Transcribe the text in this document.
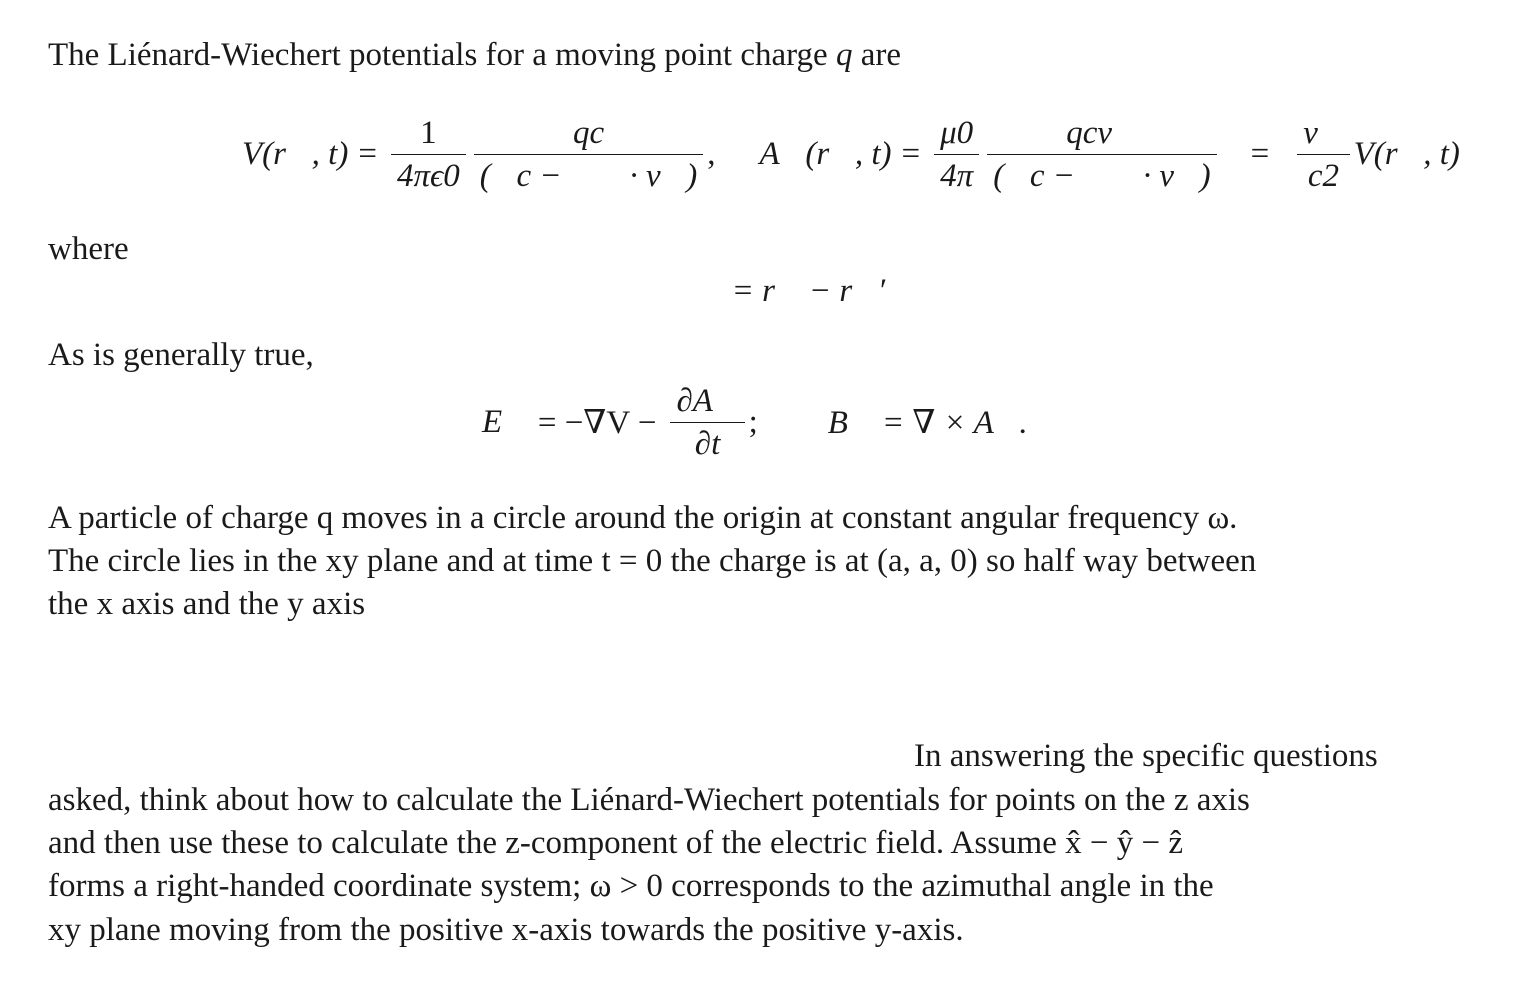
The Liénard-Wiechert potentials for a moving point charge q are
V(r⃗, $t) = \frac{1}{4\pi\epsilon 0} \frac{qc}{\text{(𝓇c − 𝓇⃗ · v⃗)}}$ , A⃗(r⃗, $t) = \frac{\mu 0}{4\pi} \frac{\text{qcv⃗}}{\text{(𝓇c − 𝓇⃗ · v⃗)}} = \frac{v⃗}{c2}$ V(r⃗, t)
where
𝓇⃗ = r⃗ − r⃗′
As is generally true,
E⃗ = $-\nabla V - \frac{\partial A⃗}{\partial t}$ ; B⃗ = ∇ × A⃗.
A particle of charge q moves in a circle around the origin at constant angular frequency ω.
The circle lies in the xy plane and at time t = 0 the charge is at (a, a, 0) so half way between
the x axis and the y axis
In answering the specific questions
asked, think about how to calculate the Liénard-Wiechert potentials for points on the z axis
and then use these to calculate the z-component of the electric field. Assume x̂ − ŷ − ẑ
forms a right-handed coordinate system; ω > 0 corresponds to the azimuthal angle in the
xy plane moving from the positive x-axis towards the positive y-axis.
